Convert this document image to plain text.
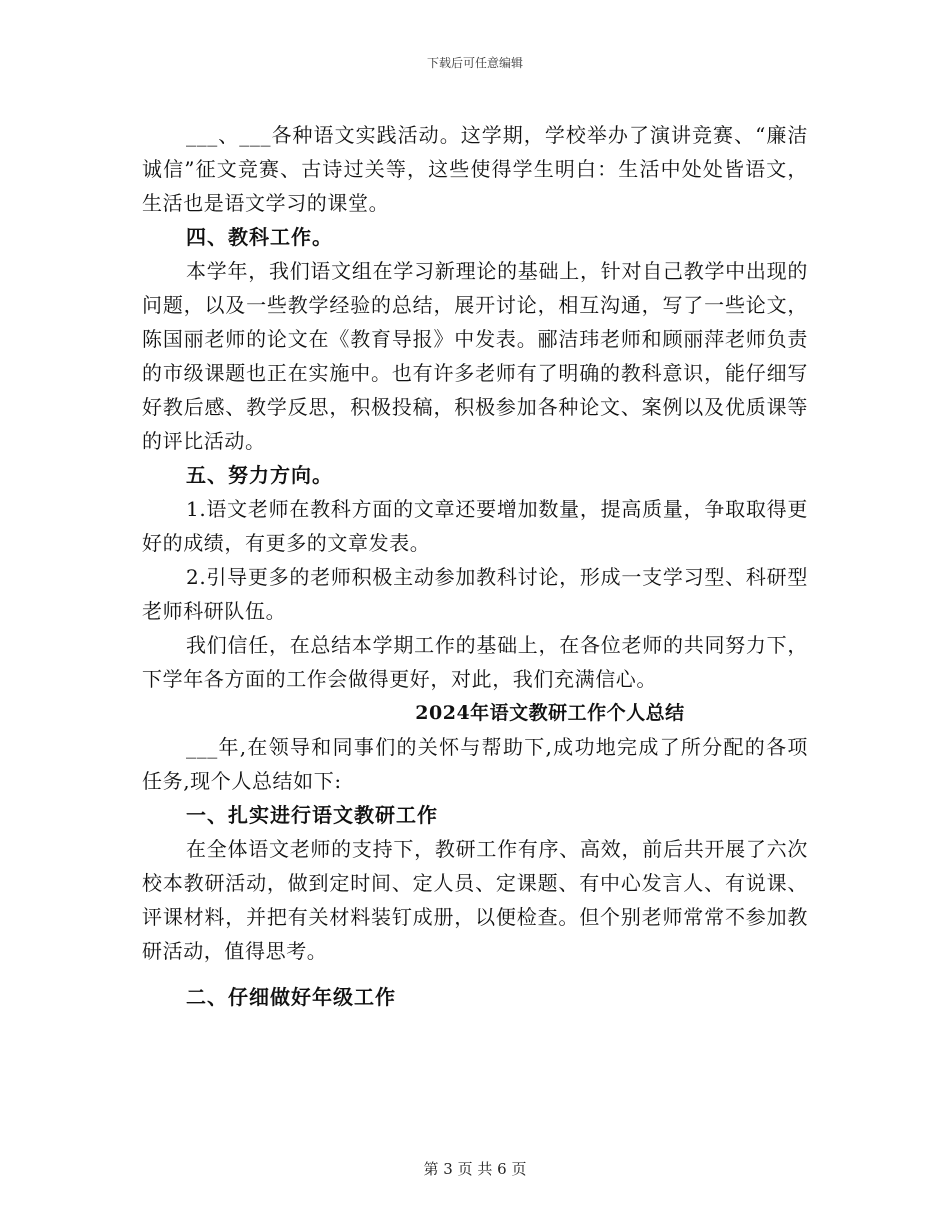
下载后可任意编辑

___、___各种语文实践活动。这学期，学校举办了演讲竞赛、“廉洁诚信”征文竞赛、古诗过关等，这些使得学生明白：生活中处处皆语文，生活也是语文学习的课堂。

四、教科工作。

本学年，我们语文组在学习新理论的基础上，针对自己教学中出现的问题，以及一些教学经验的总结，展开讨论，相互沟通，写了一些论文，陈国丽老师的论文在《教育导报》中发表。郦洁玮老师和顾丽萍老师负责的市级课题也正在实施中。也有许多老师有了明确的教科意识，能仔细写好教后感、教学反思，积极投稿，积极参加各种论文、案例以及优质课等的评比活动。

五、努力方向。

1.语文老师在教科方面的文章还要增加数量，提高质量，争取取得更好的成绩，有更多的文章发表。

2.引导更多的老师积极主动参加教科讨论，形成一支学习型、科研型老师科研队伍。

我们信任，在总结本学期工作的基础上，在各位老师的共同努力下，下学年各方面的工作会做得更好，对此，我们充满信心。

2024年语文教研工作个人总结

___年,在领导和同事们的关怀与帮助下,成功地完成了所分配的各项任务,现个人总结如下:

一、扎实进行语文教研工作

在全体语文老师的支持下，教研工作有序、高效，前后共开展了六次校本教研活动，做到定时间、定人员、定课题、有中心发言人、有说课、评课材料，并把有关材料装钉成册，以便检查。但个别老师常常不参加教研活动，值得思考。

二、仔细做好年级工作

第 3 页 共 6 页
